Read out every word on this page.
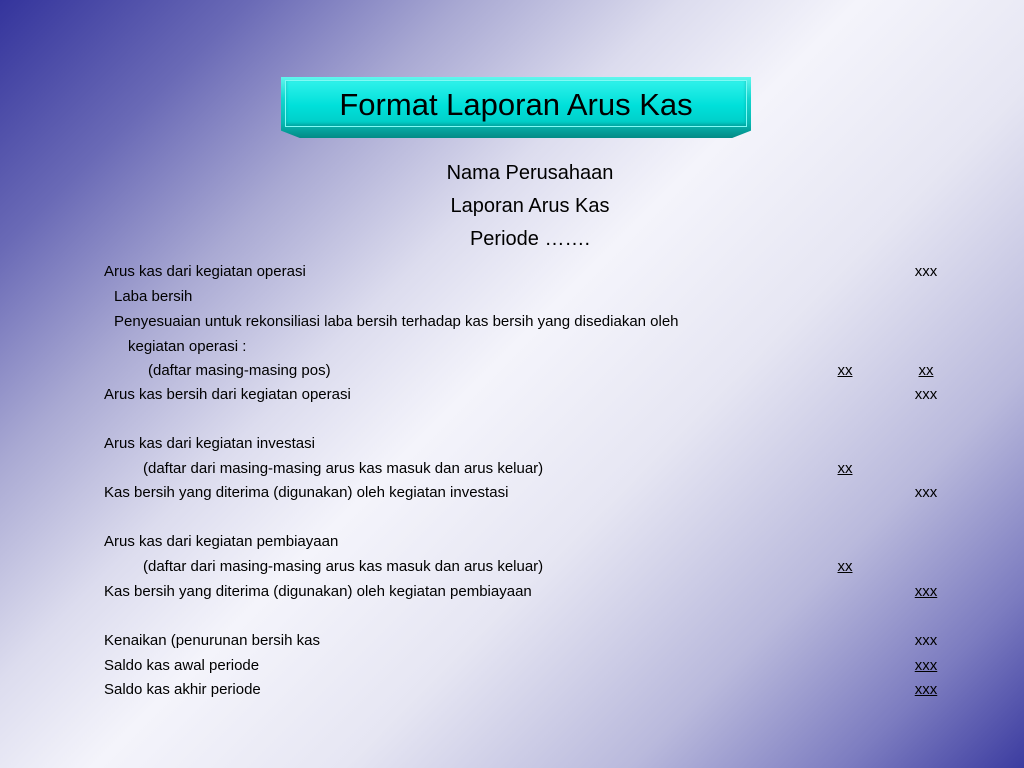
Format Laporan Arus Kas
Nama Perusahaan
Laporan Arus Kas
Periode …….
Arus kas dari kegiatan operasi	xxx
Laba bersih
Penyesuaian untuk rekonsiliasi laba bersih terhadap kas bersih yang disediakan oleh
kegiatan operasi :
(daftar masing-masing pos)	xx	xx
Arus kas bersih dari kegiatan operasi	xxx
Arus kas dari kegiatan investasi
(daftar dari masing-masing arus kas masuk dan arus keluar)	xx
Kas bersih yang diterima (digunakan) oleh kegiatan investasi	xxx
Arus kas dari kegiatan pembiayaan
(daftar dari masing-masing arus kas masuk dan arus keluar)	xx
Kas bersih yang diterima (digunakan) oleh kegiatan pembiayaan	xxx
Kenaikan (penurunan bersih kas	xxx
Saldo kas awal periode	xxx
Saldo kas akhir periode	xxx
